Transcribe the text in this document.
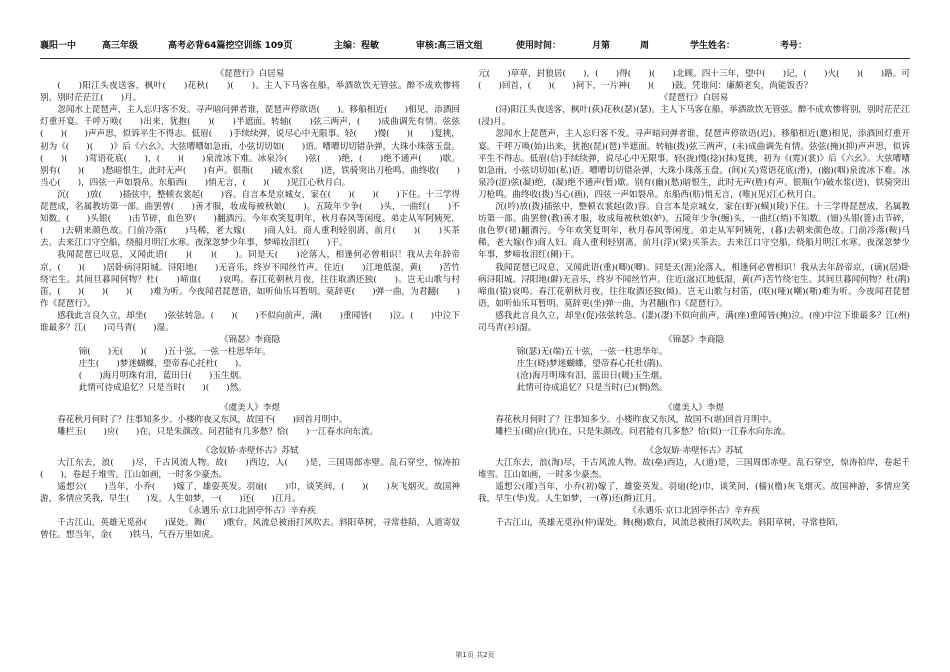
襄阳一中	高三年级	高考必背64篇挖空训练 109页	主编：程敏	审核:高三语文组	使用时间：	月第	周	学生姓名：	考号：

《琵琶行》白居易

(　　)阳江头夜送客，枫叶(　　)花秋(　　)(　　)。主人下马客在船，举酒欲饮无管弦。醉不成欢惨将别，别时茫茫江(　　)月。

忽闻水上琵琶声，主人忘归客不发。寻声暗问弹者谁，琵琶声停欲语(　　)。移船相近(　　)相见，添酒回灯重开宴。千呼万唤(　　)出来，犹抱(　　)(　　)半遮面。转轴(　　)弦三两声，(　　)成曲调先有情。弦弦(　　)(　　)声声思，似诉平生不得志。低眉(　　)手续续弹，说尽心中无限事。轻(　　)慢(　　)(　　)复挑，初为《(　　)(　　)》后《六幺》。大弦嘈嘈如急雨，小弦切切如(　　)语。嘈嘈切切错杂弹，大珠小珠落玉盘。(　　)(　　)莺语花底(　　)，(　　)(　　)泉流冰下难。冰泉冷(　　)弦(　　)绝，(　　)绝不通声(　　)歇。别有(　　)(　　)愁暗恨生，此时无声(　　)有声。银瓶(　　)破水浆(　　)迸，铁骑突出刀枪鸣。曲终收(　　)当心(　　)，四弦一声如裂帛。东船西(　　)悄无言，(　　)(　　)见江心秋月白。

沉(　　)放(　　)插弦中，整顿衣裳起(　　)容。自言本是京城女，家在(　　)(　　)(　　)下住。十三学得琵琶成，名属教坊第一部。曲罢曾(　　)善才服，妆成每被秋娘(　　)。五陵年少争(　　)头，一曲红(　　)不知数。(　　)头银(　　)击节碎，血色罗(　　)翻酒污。今年欢笑复明年，秋月春风等闲度。弟走从军阿姨死，(　　)去朝来颜色故。门前冷落(　　)马稀，老大嫁(　　)商人妇。商人重利轻别离，前月(　　)(　　)买茶去。去来江口守空船，绕船月明江水寒。夜深忽梦少年事，梦啼妆泪红(　　)干。

我闻琵琶已叹息，又闻此语(　　)(　　)(　　)。同是天(　　)沦落人，相逢何必曾相识！我从去年辞帝京，(　　)(　　)居卧病浔阳城。浔阳地(　　)无音乐，终岁不闻丝竹声。住近(　　)江地低湿，黄(　　)苦竹绕宅生。其间旦暮闻何物？杜(　　)啼血(　　)哀鸣。春江花朝秋月夜，往往取酒还独(　　)。岂无山歌与村笛，(　　)(　　)(　　)(　　)难为听。今夜闻君琵琶语，如听仙乐耳暂明。莫辞更(　　)弹一曲，为君翻(　　)作《琵琶行》。

感我此言良久立，却坐(　　)弦弦转急。(　　)(　　)不似向前声，满(　　)重闻皆(　　)泣。(　　)中泣下谁最多？江(　　)司马青(　　)湿。

《锦瑟》李商隐

锦(　　)无(　　)(　　)五十弦，一弦一柱思华年。

庄生(　　)梦迷蝴蝶，望帝春心托杜(　　)。

(　　)海月明珠有泪，蓝田日(　　)玉生烟。

此情可待成追忆？只是当时(　　)(　　)然。

《虞美人》李煜

春花秋月何时了？往事知多少。小楼昨夜又东风，故国不(　　)回首月明中。

雕栏玉(　　)应(　　)在，只是朱颜改。问君能有几多愁？恰(　　)一江春水向东流。

《念奴娇·赤壁怀古》苏轼

大江东去，浪(　　)尽，千古风流人物。故(　　)西边，人(　　)是，三国周郎赤壁。乱石穿空，惊涛拍(　　)，卷起千堆雪。江山如画，一时多少豪杰。

遥想公(　　)当年，小乔(　　)嫁了，雄姿英发。羽扇(　　)巾，谈笑间，(　　)(　　)灰飞烟灭。故国神游，多情应笑我，早生(　　)发。人生如梦，一(　　)还(　　)江月。

《永遇乐·京口北固亭怀古》辛弃疾

千古江山，英雄无觅孙(　　)谋处。舞(　　)歌台，风流总被雨打风吹去。斜阳草树，寻常巷陌，人道寄奴曾住。想当年，金(　　)铁马，气吞万里如虎。

元(　　)草草，封狼居(　　)，(　　)得(　　)(　　)北顾。四十三年，望中(　　)记，(　　)火(　　)(　　)路。可(　　)回首，(　　)(　　)祠下，一片神(　　)(　　)鼓。凭谁问：廉颇老矣，尚能饭否？

《琵琶行》白居易

(浔)阳江头夜送客，枫叶(荻)花秋(瑟)(瑟)。主人下马客在船，举酒欲饮无管弦。醉不成欢惨将别，别时茫茫江(浸)月。

忽闻水上琵琶声，主人忘归客不发。寻声暗问弹者谁，琵琶声停欲语(迟)。移船相近(邀)相见，添酒回灯重开宴。千呼万唤(始)出来，犹抱(琵)(琶)半遮面。转轴(拨)弦三两声，(未)成曲调先有情。弦弦(掩)(抑)声声思，似诉平生不得志。低眉(信)手续续弹，说尽心中无限事。轻(拢)慢(捻)(抹)复挑，初为《(霓)(裳)》后《六幺》。大弦嘈嘈如急雨，小弦切切如(私)语。嘈嘈切切错杂弹，大珠小珠落玉盘。(间)(关)莺语花底(滑)，(幽)(咽)泉流冰下难。冰泉冷(涩)弦(凝)绝，(凝)绝不通声(暂)歇。别有(幽)(愁)暗恨生，此时无声(胜)有声。银瓶(乍)破水浆(迸)，铁骑突出刀枪鸣。曲终收(拨)当心(画)，四弦一声如裂帛。东船西(舫)悄无言，(唯)(见)江心秋月白。

沉(吟)放(拨)插弦中，整顿衣裳起(敛)容。自言本是京城女，家在(虾)(蟆)(陵)下住。十三学得琵琶成，名属教坊第一部。曲罢曾(教)善才服，妆成每被秋娘(妒)。五陵年少争(缠)头，一曲红(绡)不知数。(钿)头银(篦)击节碎，血色罗(裙)翻酒污。今年欢笑复明年，秋月春风等闲度。弟走从军阿姨死，(暮)去朝来颜色故。门前冷落(鞍)马稀，老大嫁(作)商人妇。商人重利轻别离，前月(浮)(梁)买茶去。去来江口守空船，绕船月明江水寒。夜深忽梦少年事，梦啼妆泪红(阑)干。

我闻琵琶已叹息，又闻此语(重)(唧)(唧)。同是天(涯)沦落人，相逢何必曾相识！我从去年辞帝京，(谪)(居)卧病浔阳城。浔阳地(僻)无音乐，终岁不闻丝竹声。住近(湓)江地低湿，黄(芦)苦竹绕宅生。其间旦暮闻何物？杜(鹃)啼血(猿)哀鸣。春江花朝秋月夜，往往取酒还独(倾)。岂无山歌与村笛，(呕)(哑)(嘲)(哳)难为听。今夜闻君琵琶语，如听仙乐耳暂明。莫辞更(坐)弹一曲，为君翻(作)《琵琶行》。

感我此言良久立，却坐(促)弦弦转急。(凄)(凄)不似向前声，满(座)重闻皆(掩)泣。(座)中泣下谁最多？江(州)司马青(衫)湿。

《锦瑟》李商隐

锦(瑟)无(端)五十弦，一弦一柱思华年。

庄生(晓)梦迷蝴蝶，望帝春心托杜(鹃)。

(沧)海月明珠有泪，蓝田日(暖)玉生烟。

此情可待成追忆？只是当时(已)(惘)然。

《虞美人》李煜

春花秋月何时了？往事知多少。小楼昨夜又东风，故国不(堪)回首月明中。

雕栏玉(砌)应(犹)在，只是朱颜改。问君能有几多愁？恰(似)一江春水向东流。

《念奴娇·赤壁怀古》苏轼

大江东去，浪(淘)尽，千古风流人物。故(垒)西边，人(道)是，三国周郎赤壁。乱石穿空，惊涛拍岸，卷起千堆雪。江山如画，一时多少豪杰。

遥想公(瑾)当年，小乔(初)嫁了，雄姿英发。羽扇(纶)巾，谈笑间，(樯)(橹)灰飞烟灭。故国神游，多情应笑我，早生(华)发。人生如梦，一(尊)还(酹)江月。

《永遇乐·京口北固亭怀古》辛弃疾

千古江山，英雄无觅孙(仲)谋处。舞(榭)歌台，风流总被雨打风吹去。斜阳草树，寻常巷陌，

第1页 共2页
